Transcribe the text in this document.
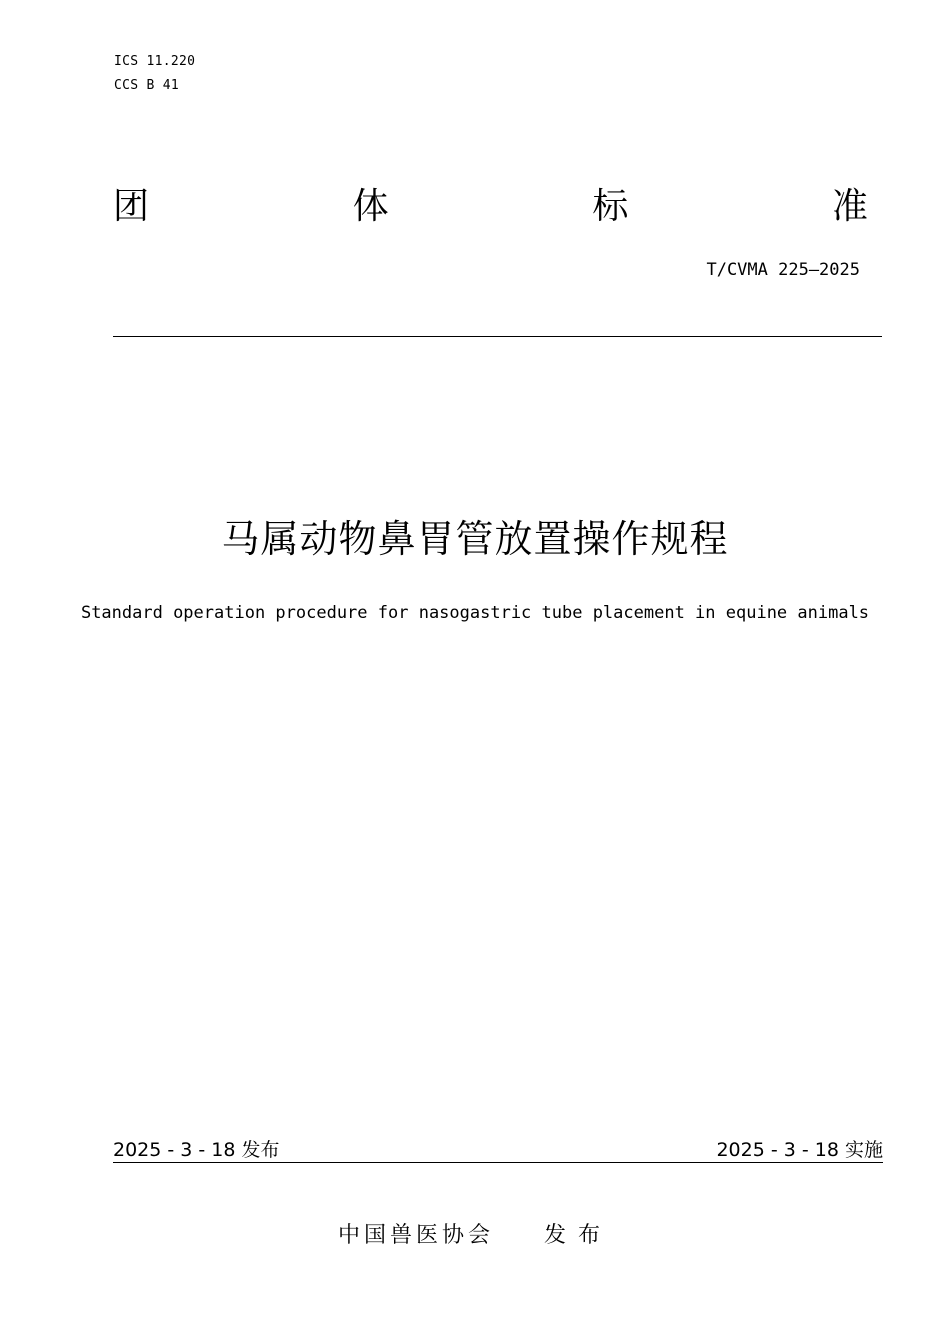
ICS 11.220
CCS B 41
团	体	标	准
T/CVMA 225—2025
马属动物鼻胃管放置操作规程
Standard operation procedure for nasogastric tube placement in equine animals
2025 - 3 - 18 发布	2025 - 3 - 18 实施
中国兽医协会 发布
